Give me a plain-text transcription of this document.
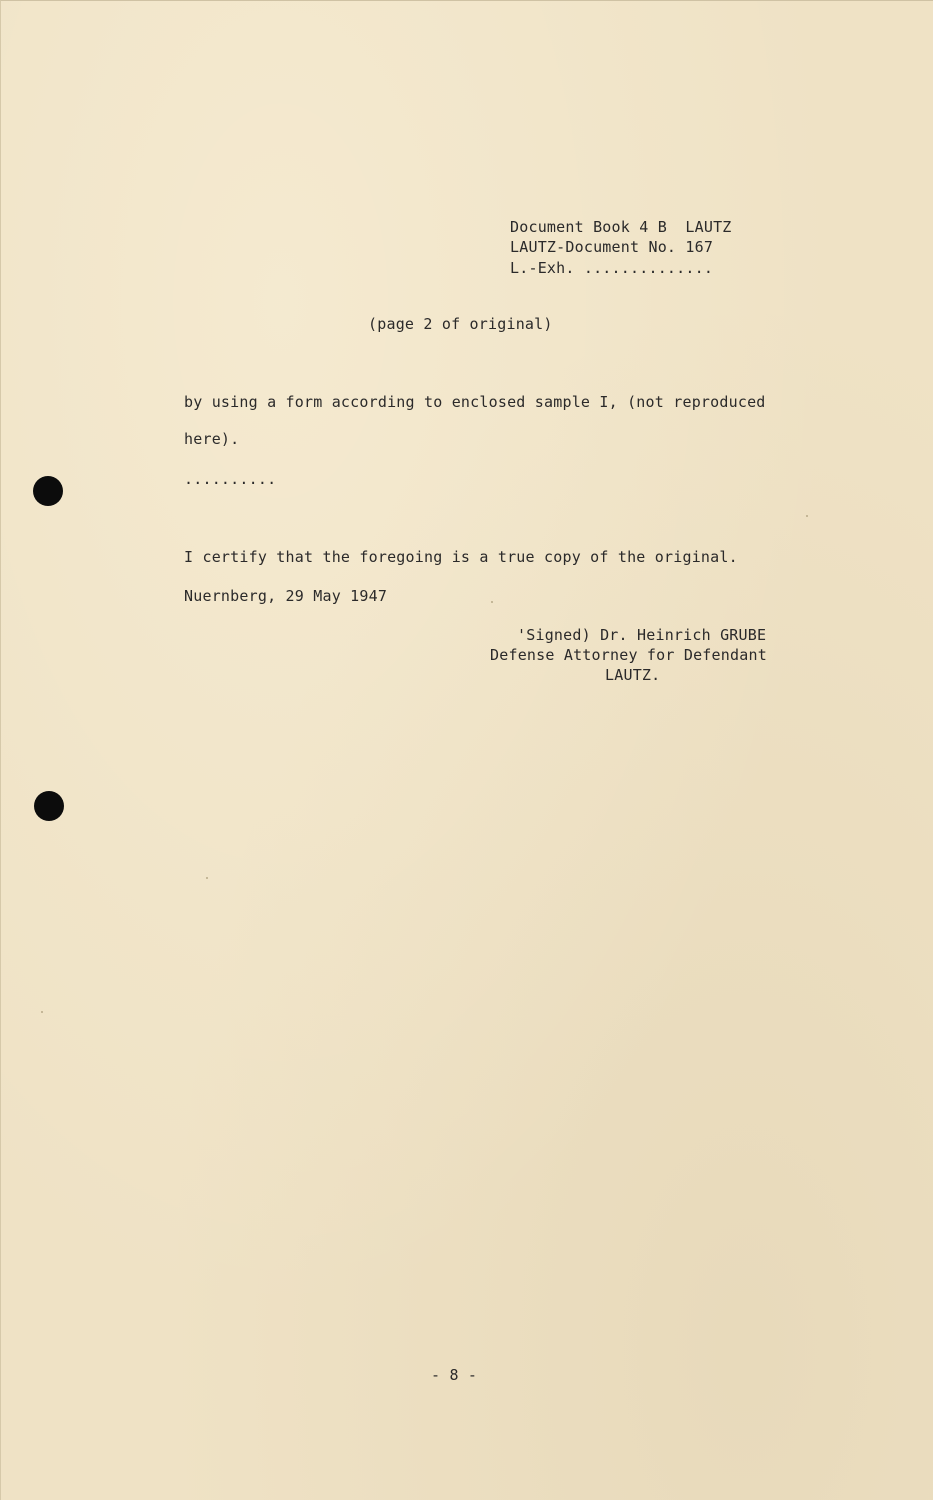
Document Book 4 B  LAUTZ
LAUTZ-Document No. 167
L.-Exh. ..............
(page 2 of original)
by using a form according to enclosed sample I, (not reproduced
here).
..........
I certify that the foregoing is a true copy of the original.
Nuernberg, 29 May 1947
'Signed) Dr. Heinrich GRUBE
Defense Attorney for Defendant
LAUTZ.
- 8 -
